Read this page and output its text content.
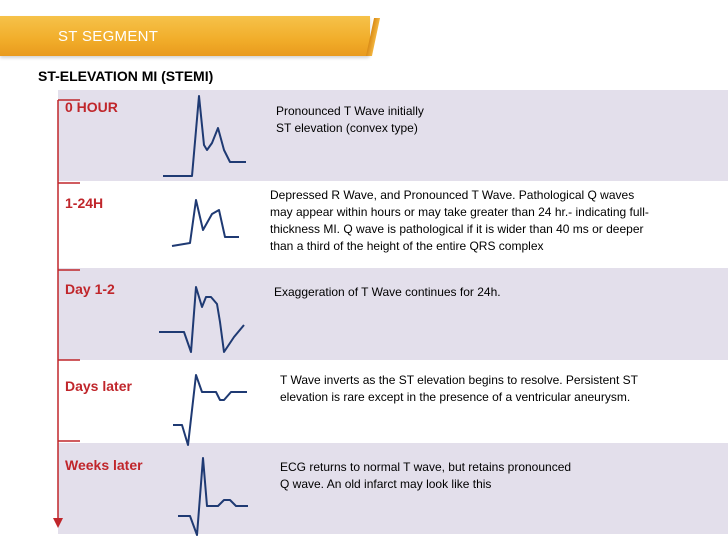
ST SEGMENT
ST-ELEVATION MI (STEMI)
0 HOUR
1-24H
Day 1-2
Days later
Weeks later
Pronounced T Wave initially
ST elevation (convex type)
Depressed R Wave, and Pronounced T Wave. Pathological Q waves
may appear within hours or may take greater than 24 hr.- indicating full-
thickness MI. Q wave is pathological if it is wider than 40 ms or deeper
than a third of the height of the entire QRS complex
Exaggeration of T Wave continues for 24h.
T Wave inverts as the ST elevation begins to resolve. Persistent ST
elevation is rare except in the presence of a ventricular aneurysm.
ECG returns to normal T wave, but retains pronounced
Q wave. An old infarct may look like this
